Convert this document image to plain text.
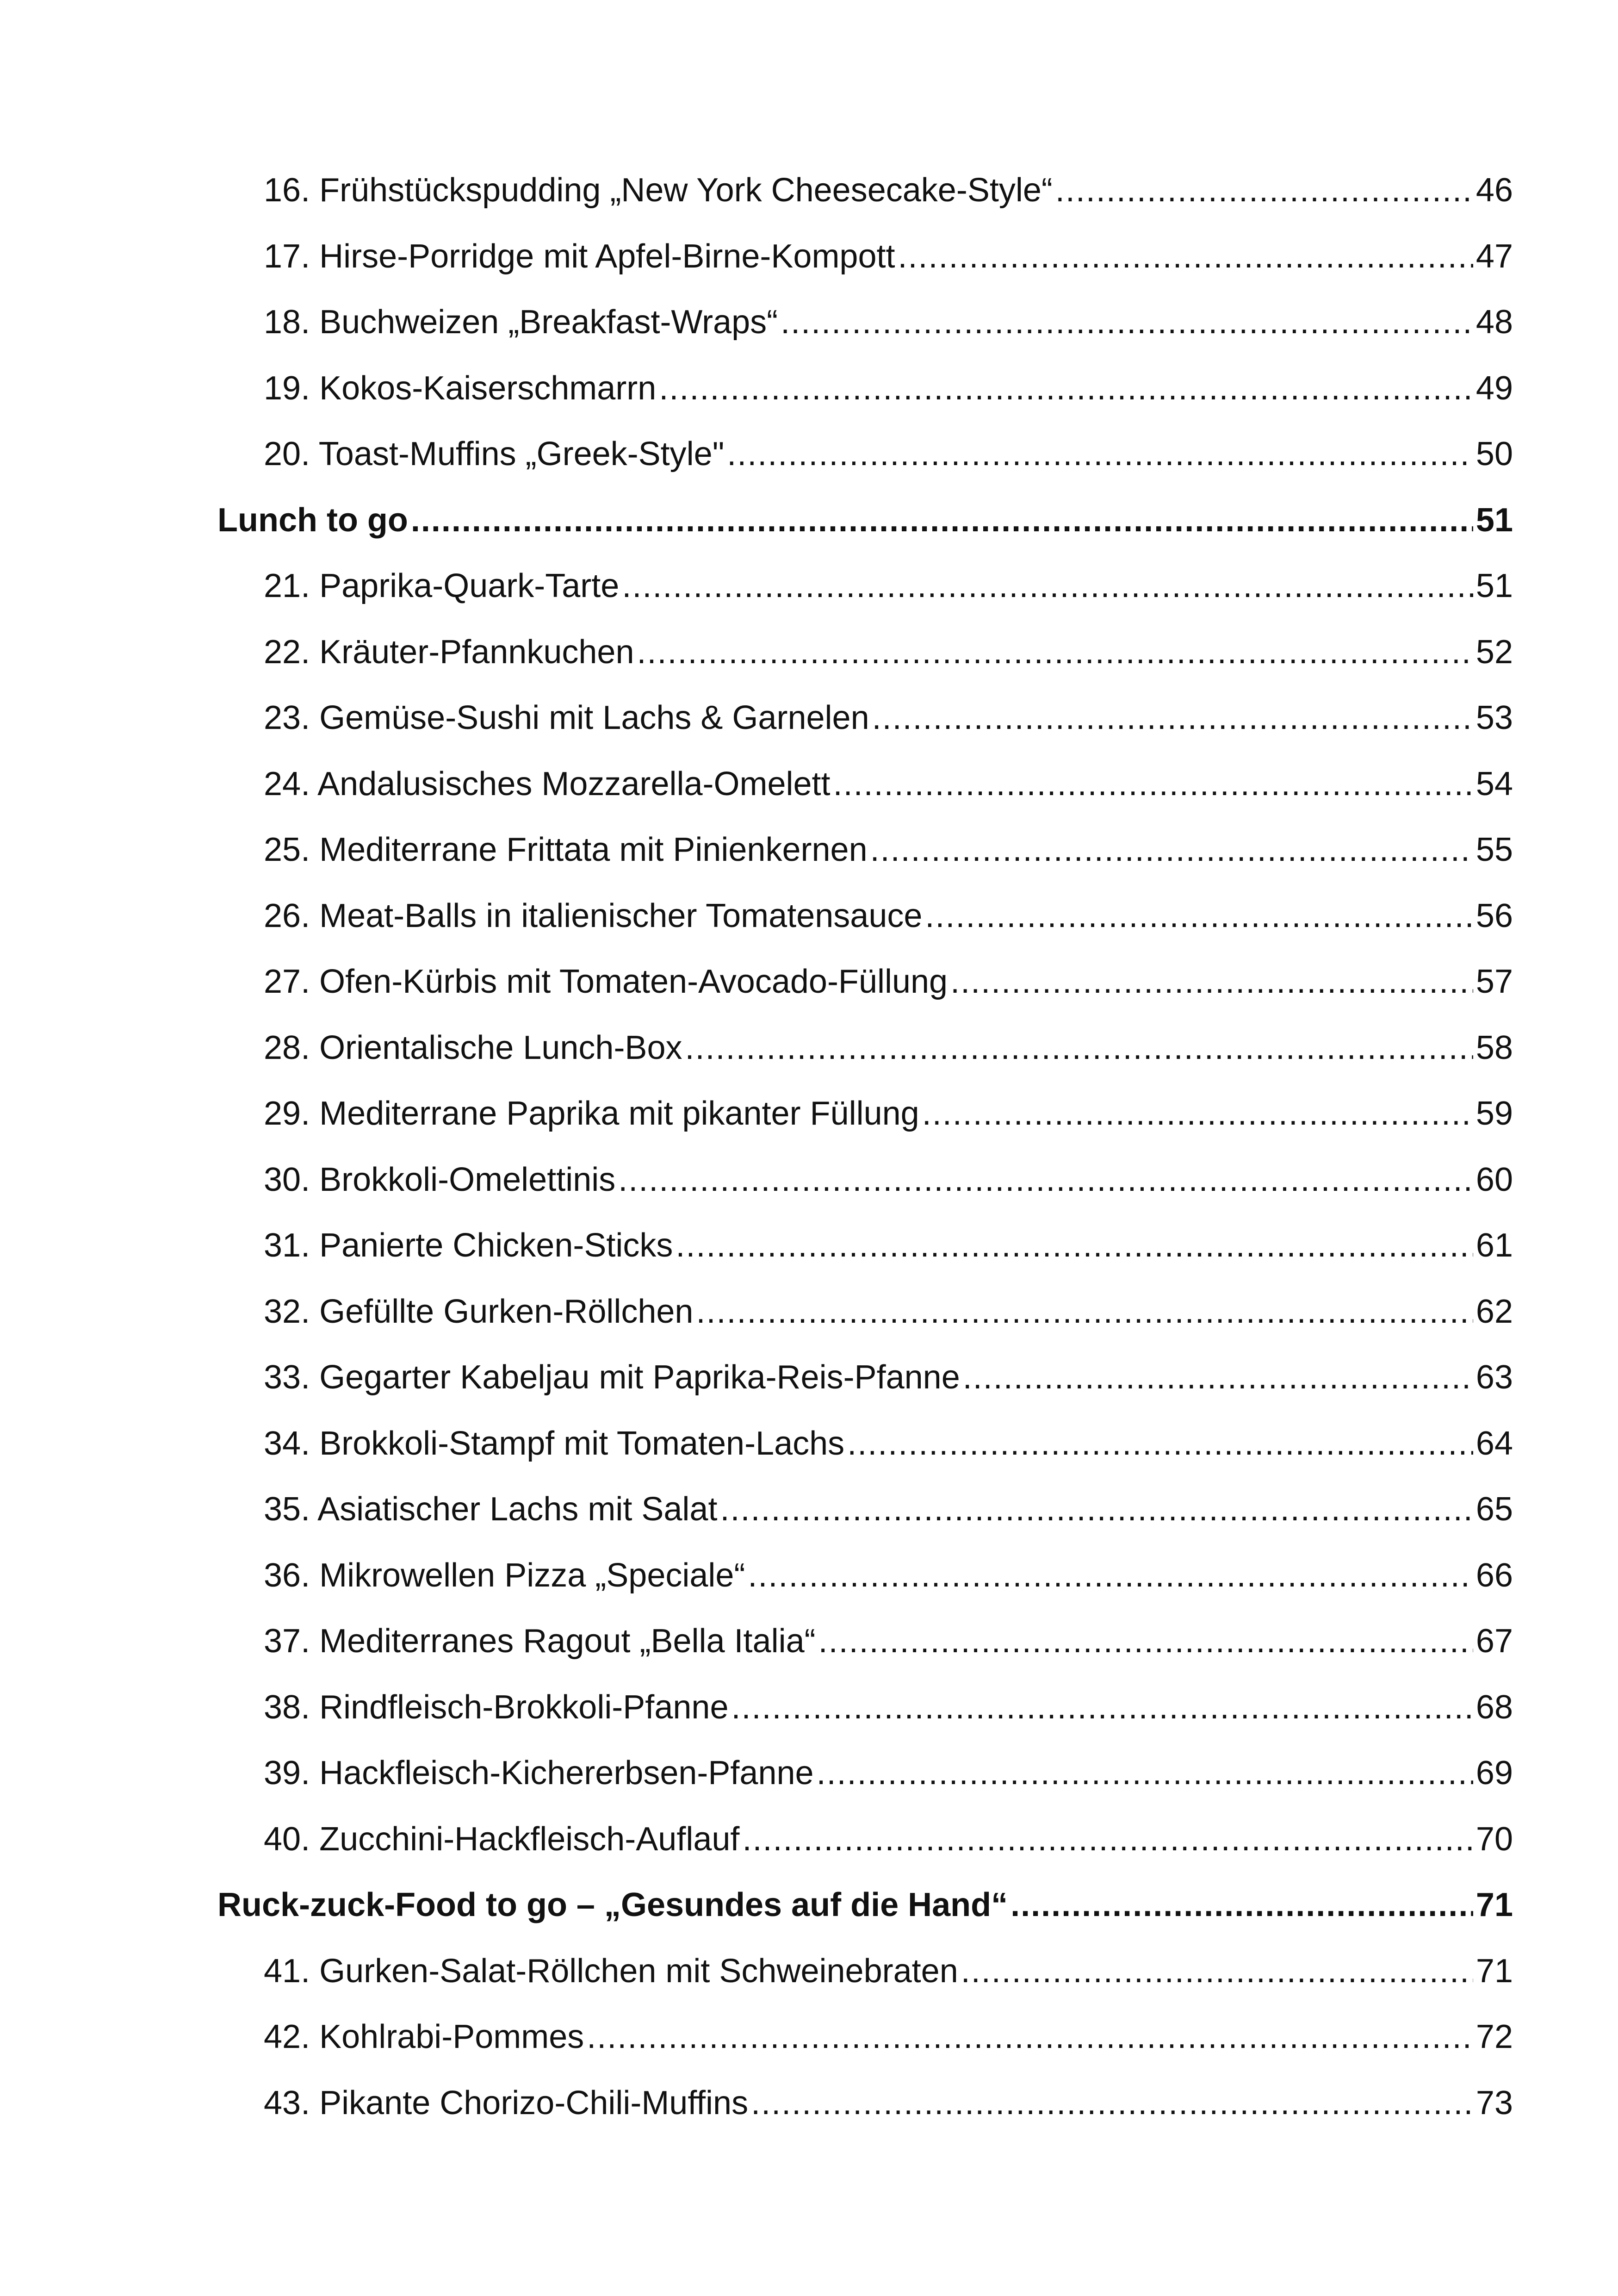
16. Frühstückspudding „New York Cheesecake-Style“ .....	46
17. Hirse-Porridge mit Apfel-Birne-Kompott .....	47
18. Buchweizen „Breakfast-Wraps“ .....	48
19. Kokos-Kaiserschmarrn .....	49
20. Toast-Muffins „Greek-Style" .....	50
Lunch to go .....	51
21. Paprika-Quark-Tarte .....	51
22. Kräuter-Pfannkuchen .....	52
23. Gemüse-Sushi mit Lachs & Garnelen .....	53
24. Andalusisches Mozzarella-Omelett .....	54
25. Mediterrane Frittata mit Pinienkernen .....	55
26. Meat-Balls in italienischer Tomatensauce .....	56
27. Ofen-Kürbis mit Tomaten-Avocado-Füllung .....	57
28. Orientalische Lunch-Box .....	58
29. Mediterrane Paprika mit pikanter Füllung .....	59
30. Brokkoli-Omelettinis .....	60
31. Panierte Chicken-Sticks .....	61
32. Gefüllte Gurken-Röllchen .....	62
33. Gegarter Kabeljau mit Paprika-Reis-Pfanne .....	63
34. Brokkoli-Stampf mit Tomaten-Lachs .....	64
35. Asiatischer Lachs mit Salat .....	65
36. Mikrowellen Pizza „Speciale“ .....	66
37. Mediterranes Ragout „Bella Italia“ .....	67
38. Rindfleisch-Brokkoli-Pfanne .....	68
39. Hackfleisch-Kichererbsen-Pfanne .....	69
40. Zucchini-Hackfleisch-Auflauf .....	70
Ruck-zuck-Food to go – „Gesundes auf die Hand“ .....	71
41. Gurken-Salat-Röllchen mit Schweinebraten .....	71
42. Kohlrabi-Pommes .....	72
43. Pikante Chorizo-Chili-Muffins .....	73
